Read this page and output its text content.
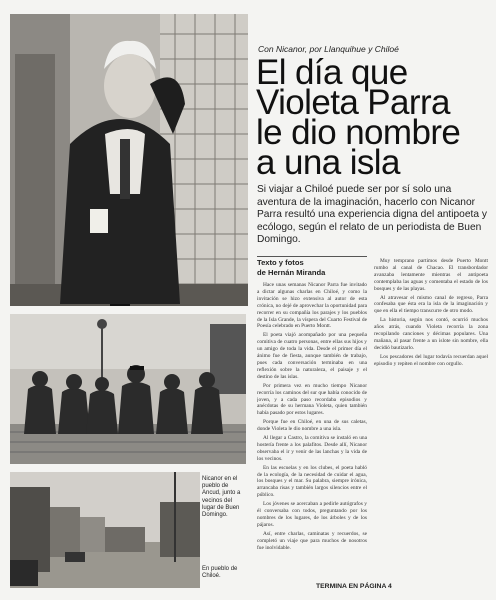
Nicanor en el pueblo de Ancud, junto a vecinos del lugar de Buen Domingo.
En pueblo de Chiloé.
Con Nicanor, por Llanquihue y Chiloé
El día que
Violeta Parra
le dio nombre
a una isla
Si viajar a Chiloé puede ser por sí solo una aventura de la imaginación, hacerlo con Nicanor Parra resultó una experiencia digna del antipoeta y ecólogo, según el relato de un periodista de Buen Domingo.
Texto y fotos
de Hernán Miranda

Hace unas semanas Nicanor Parra fue invitado a dictar algunas charlas en Chiloé, y como la invitación se hizo extensiva al autor de esta crónica, no dejé de aprovechar la oportunidad para recorrer en su compañía los parajes y los pueblos de la Isla Grande, la víspera del Cuarto Festival de Poesía celebrado en Puerto Montt.

El poeta viajó acompañado por una pequeña comitiva de cuatro personas, entre ellas sus hijos y un amigo de toda la vida. Desde el primer día el ánimo fue de fiesta, aunque también de trabajo, pues cada conversación terminaba en una reflexión sobre la naturaleza, el paisaje y el destino de las islas.

Por primera vez en mucho tiempo Nicanor recorría los caminos del sur que había conocido de joven, y a cada paso recordaba episodios y anécdotas de su hermana Violeta, quien también había pasado por estos lugares.

Porque fue en Chiloé, en una de sus caletas, donde Violeta le dio nombre a una isla.

Al llegar a Castro, la comitiva se instaló en una hostería frente a los palafitos. Desde allí, Nicanor observaba el ir y venir de las lanchas y la vida de los vecinos.

En las escuelas y en los clubes, el poeta habló de la ecología, de la necesidad de cuidar el agua, los bosques y el mar. Su palabra, siempre irónica, arrancaba risas y también largos silencios entre el público.

Los jóvenes se acercaban a pedirle autógrafos y él conversaba con todos, preguntando por los nombres de los lugares, de los árboles y de los pájaros.

Así, entre charlas, caminatas y recuerdos, se completó un viaje que para muchos de nosotros fue inolvidable.

Muy temprano partimos desde Puerto Montt rumbo al canal de Chacao. El transbordador avanzaba lentamente mientras el antipoeta contemplaba las aguas y comentaba el estado de los bosques y de las playas.

Al atravesar el mismo canal de regreso, Parra confesaba que ésta era la isla de la imaginación y que en ella el tiempo transcurre de otro modo.

La historia, según nos contó, ocurrió muchos años atrás, cuando Violeta recorría la zona recopilando canciones y décimas populares. Una mañana, al pasar frente a un islote sin nombre, ella decidió bautizarlo.

Los pescadores del lugar todavía recuerdan aquel episodio y repiten el nombre con orgullo.

TERMINA EN PÁGINA 4
